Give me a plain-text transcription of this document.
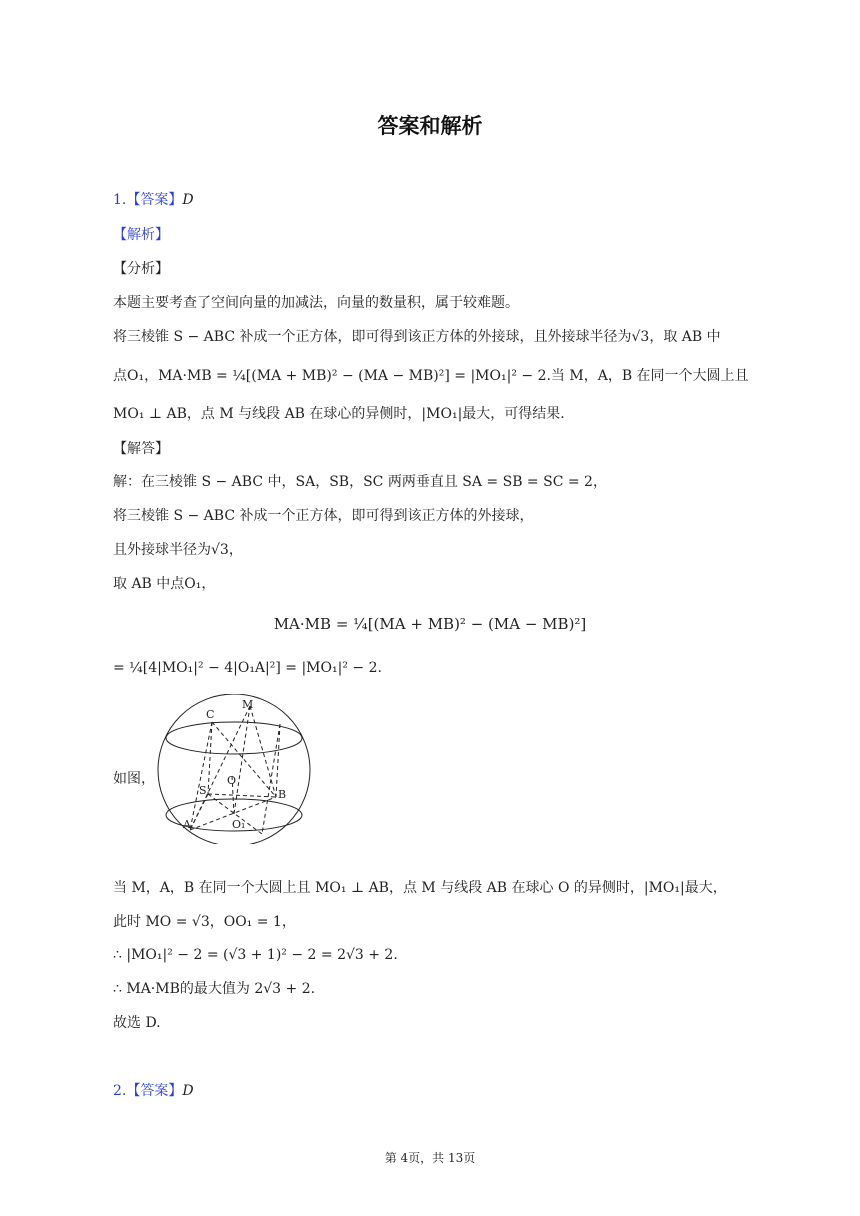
答案和解析
1.【答案】D
【解析】
【分析】
本题主要考查了空间向量的加减法，向量的数量积，属于较难题。
将三棱锥 S − ABC 补成一个正方体，即可得到该正方体的外接球，且外接球半径为√3，取 AB 中
点O₁，MA·MB = ¼[(MA + MB)² − (MA − MB)²] = |MO₁|² − 2.当 M，A，B 在同一个大圆上且
MO₁ ⊥ AB，点 M 与线段 AB 在球心的异侧时，|MO₁|最大，可得结果.
【解答】
解：在三棱锥 S − ABC 中，SA，SB，SC 两两垂直且 SA = SB = SC = 2，
将三棱锥 S − ABC 补成一个正方体，即可得到该正方体的外接球，
且外接球半径为√3，
取 AB 中点O₁，
MA·MB = ¼[(MA + MB)² − (MA − MB)²]
= ¼[4|MO₁|² − 4|O₁A|²] = |MO₁|² − 2.
如图，
C
M
O
S	B
A	O₁
当 M，A，B 在同一个大圆上且 MO₁ ⊥ AB，点 M 与线段 AB 在球心 O 的异侧时，|MO₁|最大，
此时 MO = √3，OO₁ = 1，
∴ |MO₁|² − 2 = (√3 + 1)² − 2 = 2√3 + 2.
∴ MA·MB的最大值为 2√3 + 2.
故选 D.
2.【答案】D
第 4页，共 13页
